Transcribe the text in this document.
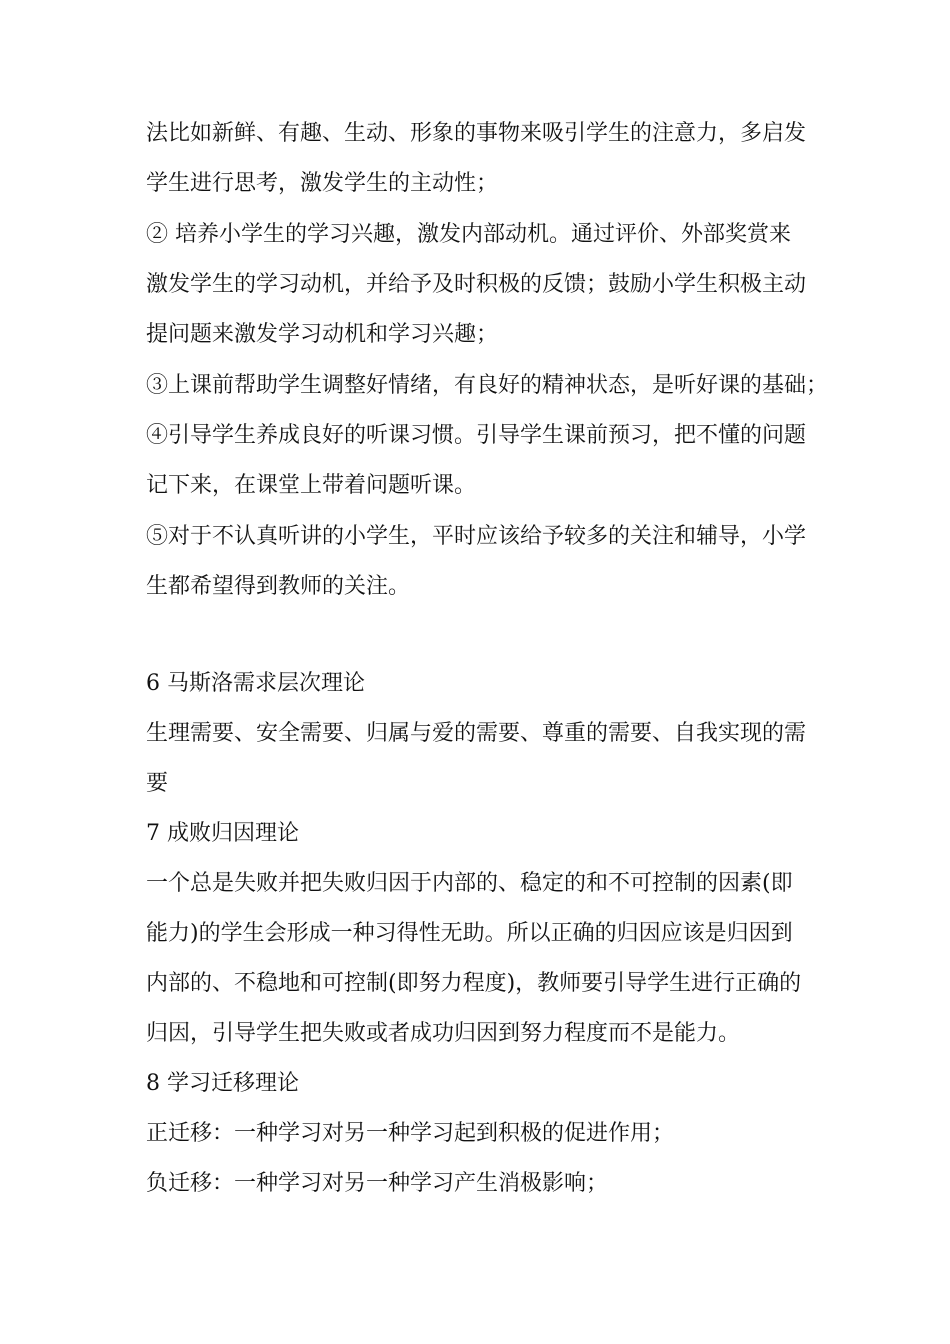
法比如新鲜、有趣、生动、形象的事物来吸引学生的注意力，多启发
学生进行思考，激发学生的主动性；
② 培养小学生的学习兴趣，激发内部动机。通过评价、外部奖赏来
激发学生的学习动机，并给予及时积极的反馈；鼓励小学生积极主动
提问题来激发学习动机和学习兴趣；
③上课前帮助学生调整好情绪，有良好的精神状态，是听好课的基础；
④引导学生养成良好的听课习惯。引导学生课前预习，把不懂的问题
记下来，在课堂上带着问题听课。
⑤对于不认真听讲的小学生，平时应该给予较多的关注和辅导，小学
生都希望得到教师的关注。
6 马斯洛需求层次理论
生理需要、安全需要、归属与爱的需要、尊重的需要、自我实现的需
要
7 成败归因理论
一个总是失败并把失败归因于内部的、稳定的和不可控制的因素(即
能力)的学生会形成一种习得性无助。所以正确的归因应该是归因到
内部的、不稳地和可控制(即努力程度)，教师要引导学生进行正确的
归因，引导学生把失败或者成功归因到努力程度而不是能力。
8 学习迁移理论
正迁移：一种学习对另一种学习起到积极的促进作用；
负迁移：一种学习对另一种学习产生消极影响；
